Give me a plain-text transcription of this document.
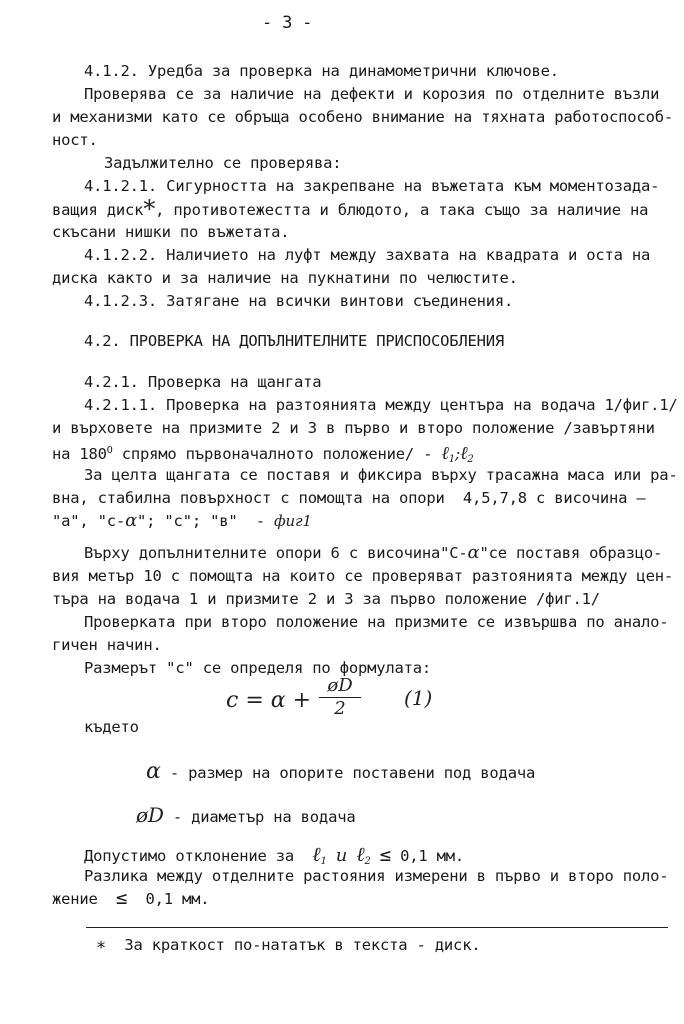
- 3 -
4.1.2. Уредба за проверка на динамометрични ключове.
Проверява се за наличие на дефекти и корозия по отделните възли
и механизми като се обръща особено внимание на тяхната работоспособ-
ност.
Задължително се проверява:
4.1.2.1. Сигурността на закрепване на въжетата към моментозада-
ващия диск*, противотежестта и блюдото, а така също за наличие на
скъсани нишки по въжетата.
4.1.2.2. Наличието на луфт между захвата на квадрата и оста на
диска както и за наличие на пукнатини по челюстите.
4.1.2.3. Затягане на всички винтови съединения.
4.2. ПРОВЕРКА НА ДОПЪЛНИТЕЛНИТЕ ПРИСПОСОБЛЕНИЯ
4.2.1. Проверка на щангата
4.2.1.1. Проверка на разтоянията между центъра на водача 1/фиг.1/
и върховете на призмите 2 и 3 в първо и второ положение /завъртяни
на $180^O$ спрямо първоначалното положение/ - ℓ$_1$;ℓ$_2$
За целта щангата се поставя и фиксира върху трасажна маса или ра-
вна, стабилна повърхност с помощта на опори  4,5,7,8 с височина —
"а", "с-α"; "с"; "в"  - фиг1
Върху допълнителните опори 6 с височина"С-α"се поставя образцо-
вия метър 10 с помощта на които се проверяват разтоянията между цен-
търа на водача 1 и призмите 2 и 3 за първо положение /фиг.1/
Проверката при второ положение на призмите се извършва по анало-
гичен начин.
Размерът "с" се определя по формулата:
c = α +
øD
2	(1)
където
α - размер на опорите поставени под водача
øD - диаметър на водача
Допустимо отклонение за ℓ$_1$ и ℓ$_2$ ≤ 0,1 мм.
Разлика между отделните растояния измерени в първо и второ поло-
жение ≤ 0,1 мм.
∗ За краткост по-нататък в текста - диск.
